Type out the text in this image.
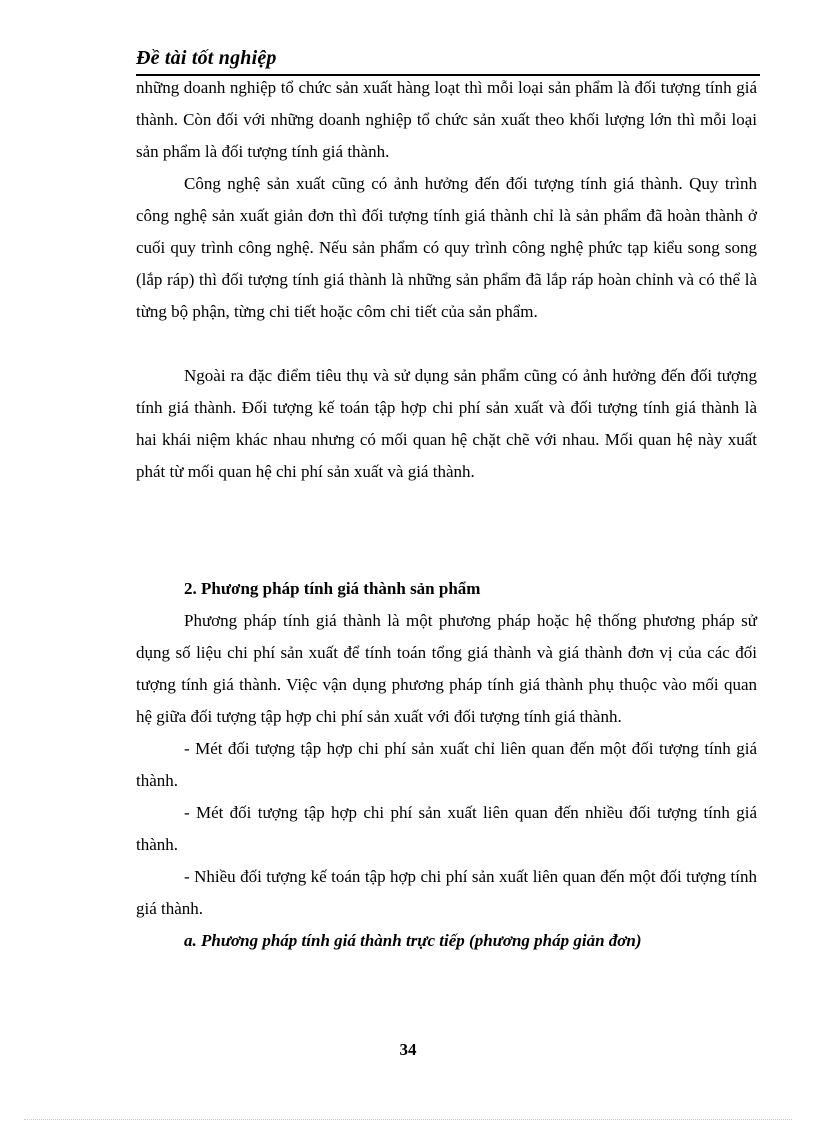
Đề tài tốt nghiệp

những doanh nghiệp tổ chức sản xuất hàng loạt thì mỗi loại sản phẩm là đối tượng tính giá thành. Còn đối với những doanh nghiệp tổ chức sản xuất theo khối lượng lớn thì mỗi loại sản phẩm là đối tượng tính giá thành.

Công nghệ sản xuất cũng có ảnh hưởng đến đối tượng tính giá thành. Quy trình công nghệ sản xuất giản đơn thì đối tượng tính giá thành chỉ là sản phẩm đã hoàn thành ở cuối quy trình công nghệ. Nếu sản phẩm có quy trình công nghệ phức tạp kiểu song song (lắp ráp) thì đối tượng tính giá thành là những sản phẩm đã lắp ráp hoàn chỉnh và có thể là từng bộ phận, từng chi tiết hoặc côm chi tiết của sản phẩm.

Ngoài ra đặc điểm tiêu thụ và sử dụng sản phẩm cũng có ảnh hưởng đến đối tượng tính giá thành. Đối tượng kế toán tập hợp chi phí sản xuất và đối tượng tính giá thành là hai khái niệm khác nhau nhưng có mối quan hệ chặt chẽ với nhau. Mối quan hệ này xuất phát từ mối quan hệ chi phí sản xuất và giá thành.

2. Phương pháp tính giá thành sản phẩm

Phương pháp tính giá thành là một phương pháp hoặc hệ thống phương pháp sử dụng số liệu chi phí sản xuất để tính toán tổng giá thành và giá thành đơn vị của các đối tượng tính giá thành. Việc vận dụng phương pháp tính giá thành phụ thuộc vào mối quan hệ giữa đối tượng tập hợp chi phí sản xuất với đối tượng tính giá thành.

- Mét đối tượng tập hợp chi phí sản xuất chỉ liên quan đến một đối tượng tính giá thành.

- Mét đối tượng tập hợp chi phí sản xuất liên quan đến nhiều đối tượng tính giá thành.

- Nhiều đối tượng kế toán tập hợp chi phí sản xuất liên quan đến một đối tượng tính giá thành.

a. Phương pháp tính giá thành trực tiếp (phương pháp giản đơn)

34
